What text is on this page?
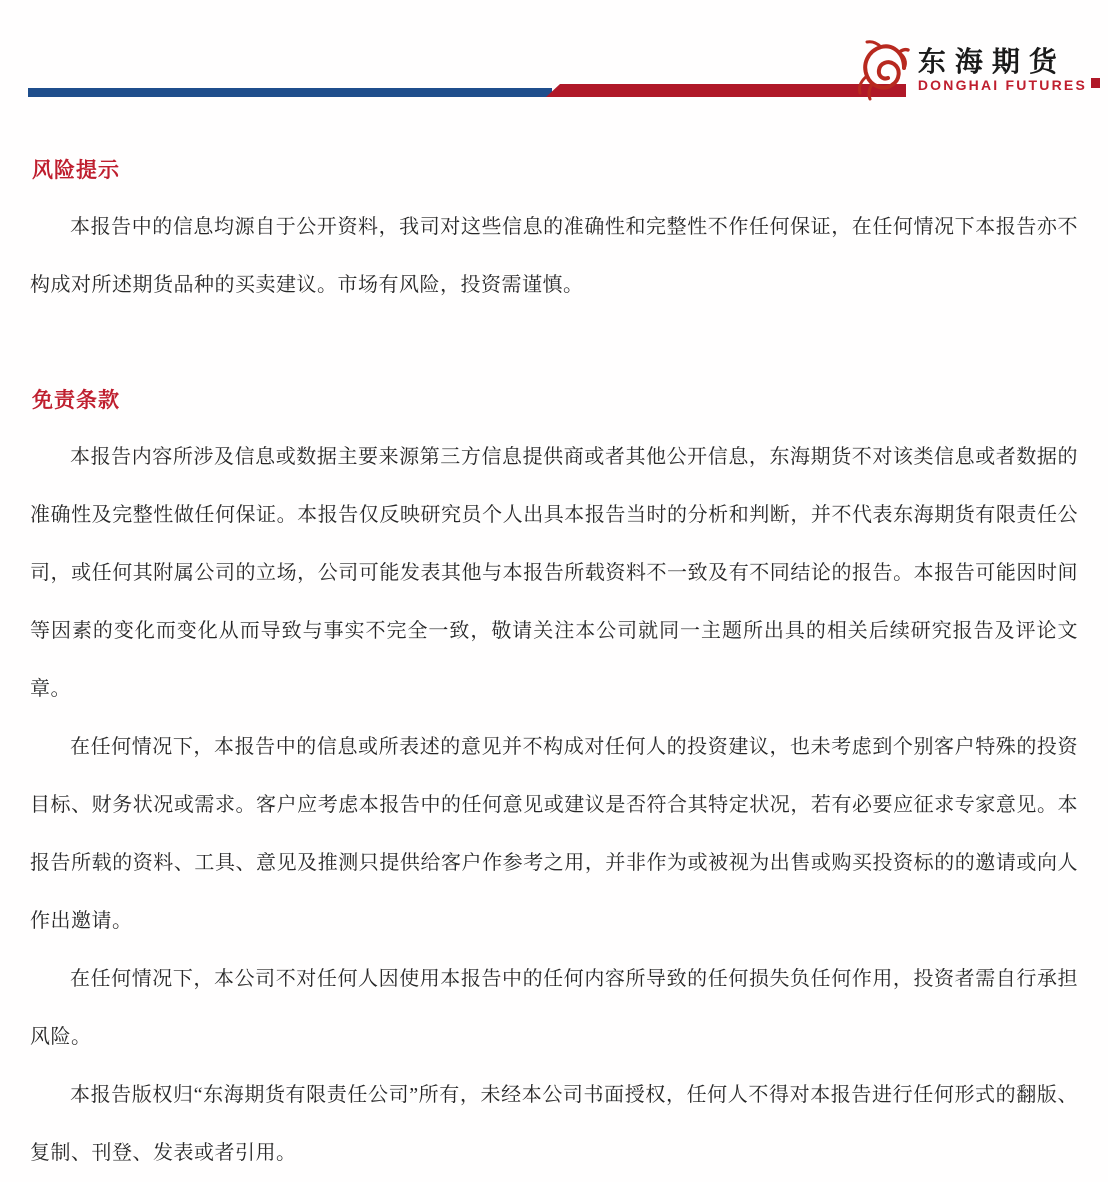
东海期货
DONGHAI FUTURES
风险提示

本报告中的信息均源自于公开资料，我司对这些信息的准确性和完整性不作任何保证，在任何情况下本报告亦不构成对所述期货品种的买卖建议。市场有风险，投资需谨慎。

免责条款

本报告内容所涉及信息或数据主要来源第三方信息提供商或者其他公开信息，东海期货不对该类信息或者数据的准确性及完整性做任何保证。本报告仅反映研究员个人出具本报告当时的分析和判断，并不代表东海期货有限责任公司，或任何其附属公司的立场，公司可能发表其他与本报告所载资料不一致及有不同结论的报告。本报告可能因时间等因素的变化而变化从而导致与事实不完全一致，敬请关注本公司就同一主题所出具的相关后续研究报告及评论文章。

在任何情况下，本报告中的信息或所表述的意见并不构成对任何人的投资建议，也未考虑到个别客户特殊的投资目标、财务状况或需求。客户应考虑本报告中的任何意见或建议是否符合其特定状况，若有必要应征求专家意见。本报告所载的资料、工具、意见及推测只提供给客户作参考之用，并非作为或被视为出售或购买投资标的的邀请或向人作出邀请。

在任何情况下，本公司不对任何人因使用本报告中的任何内容所导致的任何损失负任何作用，投资者需自行承担风险。

本报告版权归“东海期货有限责任公司”所有，未经本公司书面授权，任何人不得对本报告进行任何形式的翻版、复制、刊登、发表或者引用。
